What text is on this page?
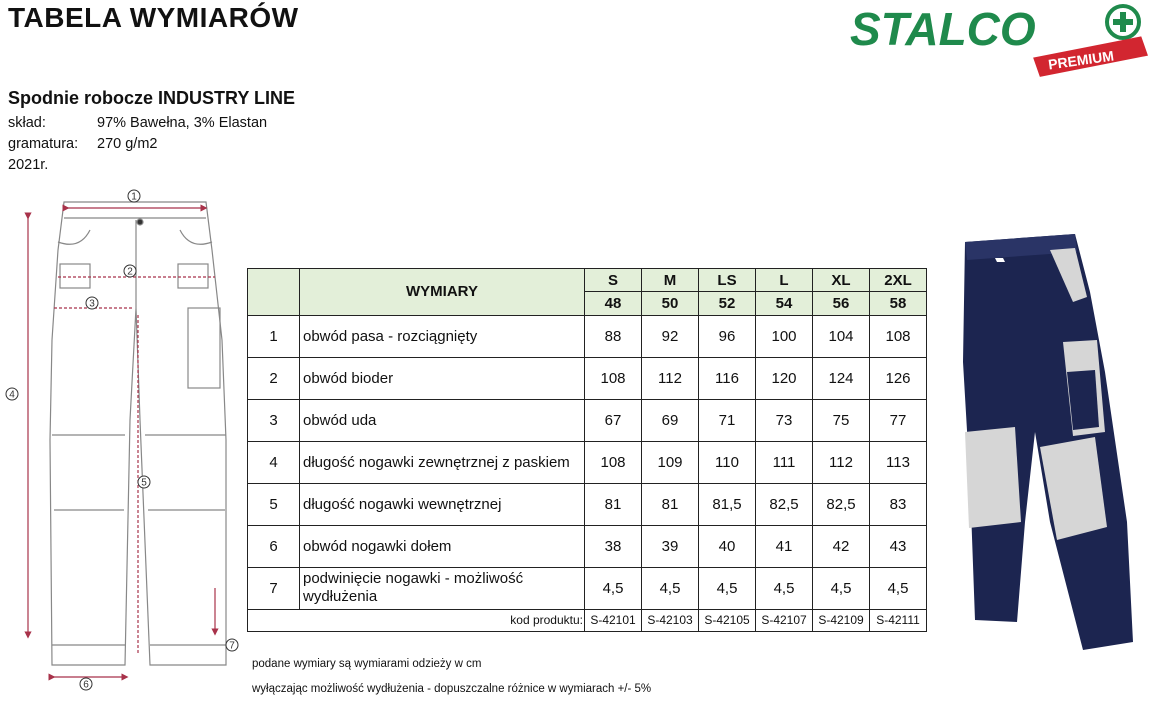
TABELA WYMIARÓW	STALCO
PREMIUM
Spodnie robocze INDUSTRY LINE
skład:	97% Bawełna, 3% Elastan
gramatura: 270 g/m2
2021r.
1
2
3
4
5
6
7
	WYMIARY	S	M	LS	L	XL	2XL
		48	50	52	54	56	58
1	obwód pasa - rozciągnięty	88	92	96	100	104	108
2	obwód bioder	108	112	116	120	124	126
3	obwód uda	67	69	71	73	75	77
4	długość nogawki zewnętrznej z paskiem	108	109	110	111	112	113
5	długość nogawki wewnętrznej	81	81	81,5	82,5	82,5	83
6	obwód nogawki dołem	38	39	40	41	42	43
7	podwinięcie nogawki - możliwość wydłużenia	4,5	4,5	4,5	4,5	4,5	4,5
kod produktu:		S-42101	S-42103	S-42105	S-42107	S-42109	S-42111
podane wymiary są wymiarami odzieży w cm
wyłączając możliwość wydłużenia - dopuszczalne różnice w wymiarach +/- 5%
